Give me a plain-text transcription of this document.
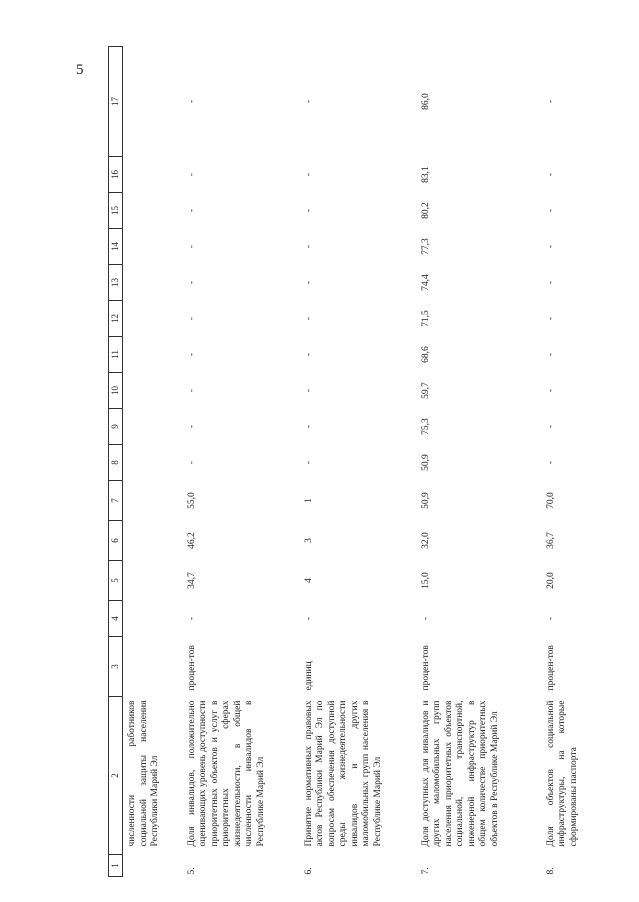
5
1	2	3	4	5	6	7	8	9	10	11	12	13	14	15	16	17
	численности работников социальной защиты населения Республики Марий Эл															
5.	Доля инвалидов, положительно оценивающих уровень доступности приоритетных объектов и услуг в приоритетных сферах жизнедеятельности, в общей численности инвалидов в Республике Марий Эл	процен-тов	-	34,7	46,2	55,0	-	-	-	-	-	-	-	-	-	-
6.	Принятие нормативных правовых актов Республики Марий Эл по вопросам обеспечения доступной среды жизнедеятельности инвалидов и других маломобильных групп населения в Республике Марий Эл	единиц	-	4	3	1	-	-	-	-	-	-	-	-	-	-
7.	Доля доступных для инвалидов и других маломобильных групп населения приоритетных объектов социальной, транспортной, инженерной инфраструктур в общем количестве приоритетных объектов в Республике Марий Эл	процен-тов	-	15,0	32,0	50,9	50,9	75,3	59,7	68,6	71,5	74,4	77,3	80,2	83,1	86,0
8.	Доля объектов социальной инфраструктуры, на которые сформированы паспорта	процен-тов	-	20,0	36,7	70,0	-	-	-	-	-	-	-	-	-	-
